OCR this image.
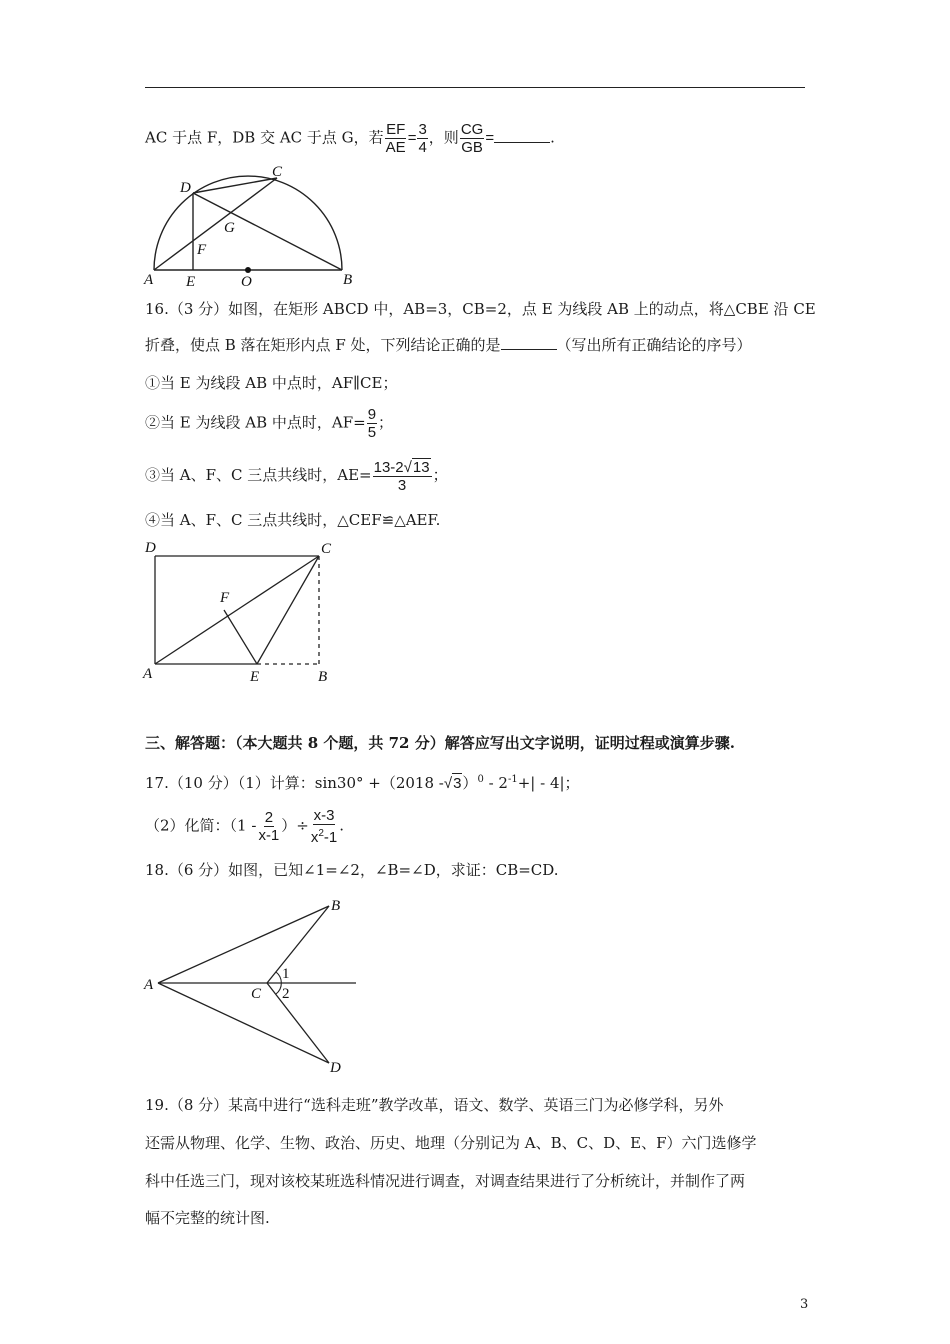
AC 于点 F，DB 交 AC 于点 G，若 $\frac{EF}{AE} = \frac{3}{4}$ ，则 $\frac{CG}{GB}$ =	.
C
D
G
F
A E	O	B
16.（3 分）如图，在矩形 ABCD 中，AB=3，CB=2，点 E 为线段 AB 上的动点，将△CBE 沿 CE
折叠，使点 B 落在矩形内点 F 处，下列结论正确的是	（写出所有正确结论的序号）
①当 E 为线段 AB 中点时，AF∥CE；
②当 E 为线段 AB 中点时，$AF= \frac{9}{5}$ ；
③当 A、F、C 三点共线时，$AE= \frac{13-2 √ 13}{3}$ ；
④当 A、F、C 三点共线时，△CEF≌△AEF.
D	C
F
A	E	B
三、解答题：（本大题共 8 个题，共 72 分）解答应写出文字说明，证明过程或演算步骤.
17.（10 分）（1）计算：sin30° +（2018 - √ 3 ）$^0 - 2^{-1}+| - 4|$；
（2）化简：（$1 - \frac{2}{x-1}$ ）÷ $\frac{x-3}{x^2-1}$ .
18.（6 分）如图，已知∠1=∠2，∠B=∠D，求证：CB=CD.
A
B
C
D
1
2
19.（8 分）某高中进行“选科走班”教学改革，语文、数学、英语三门为必修学科，另外
还需从物理、化学、生物、政治、历史、地理（分别记为 A、B、C、D、E、F）六门选修学
科中任选三门，现对该校某班选科情况进行调查，对调查结果进行了分析统计，并制作了两
幅不完整的统计图.
3
